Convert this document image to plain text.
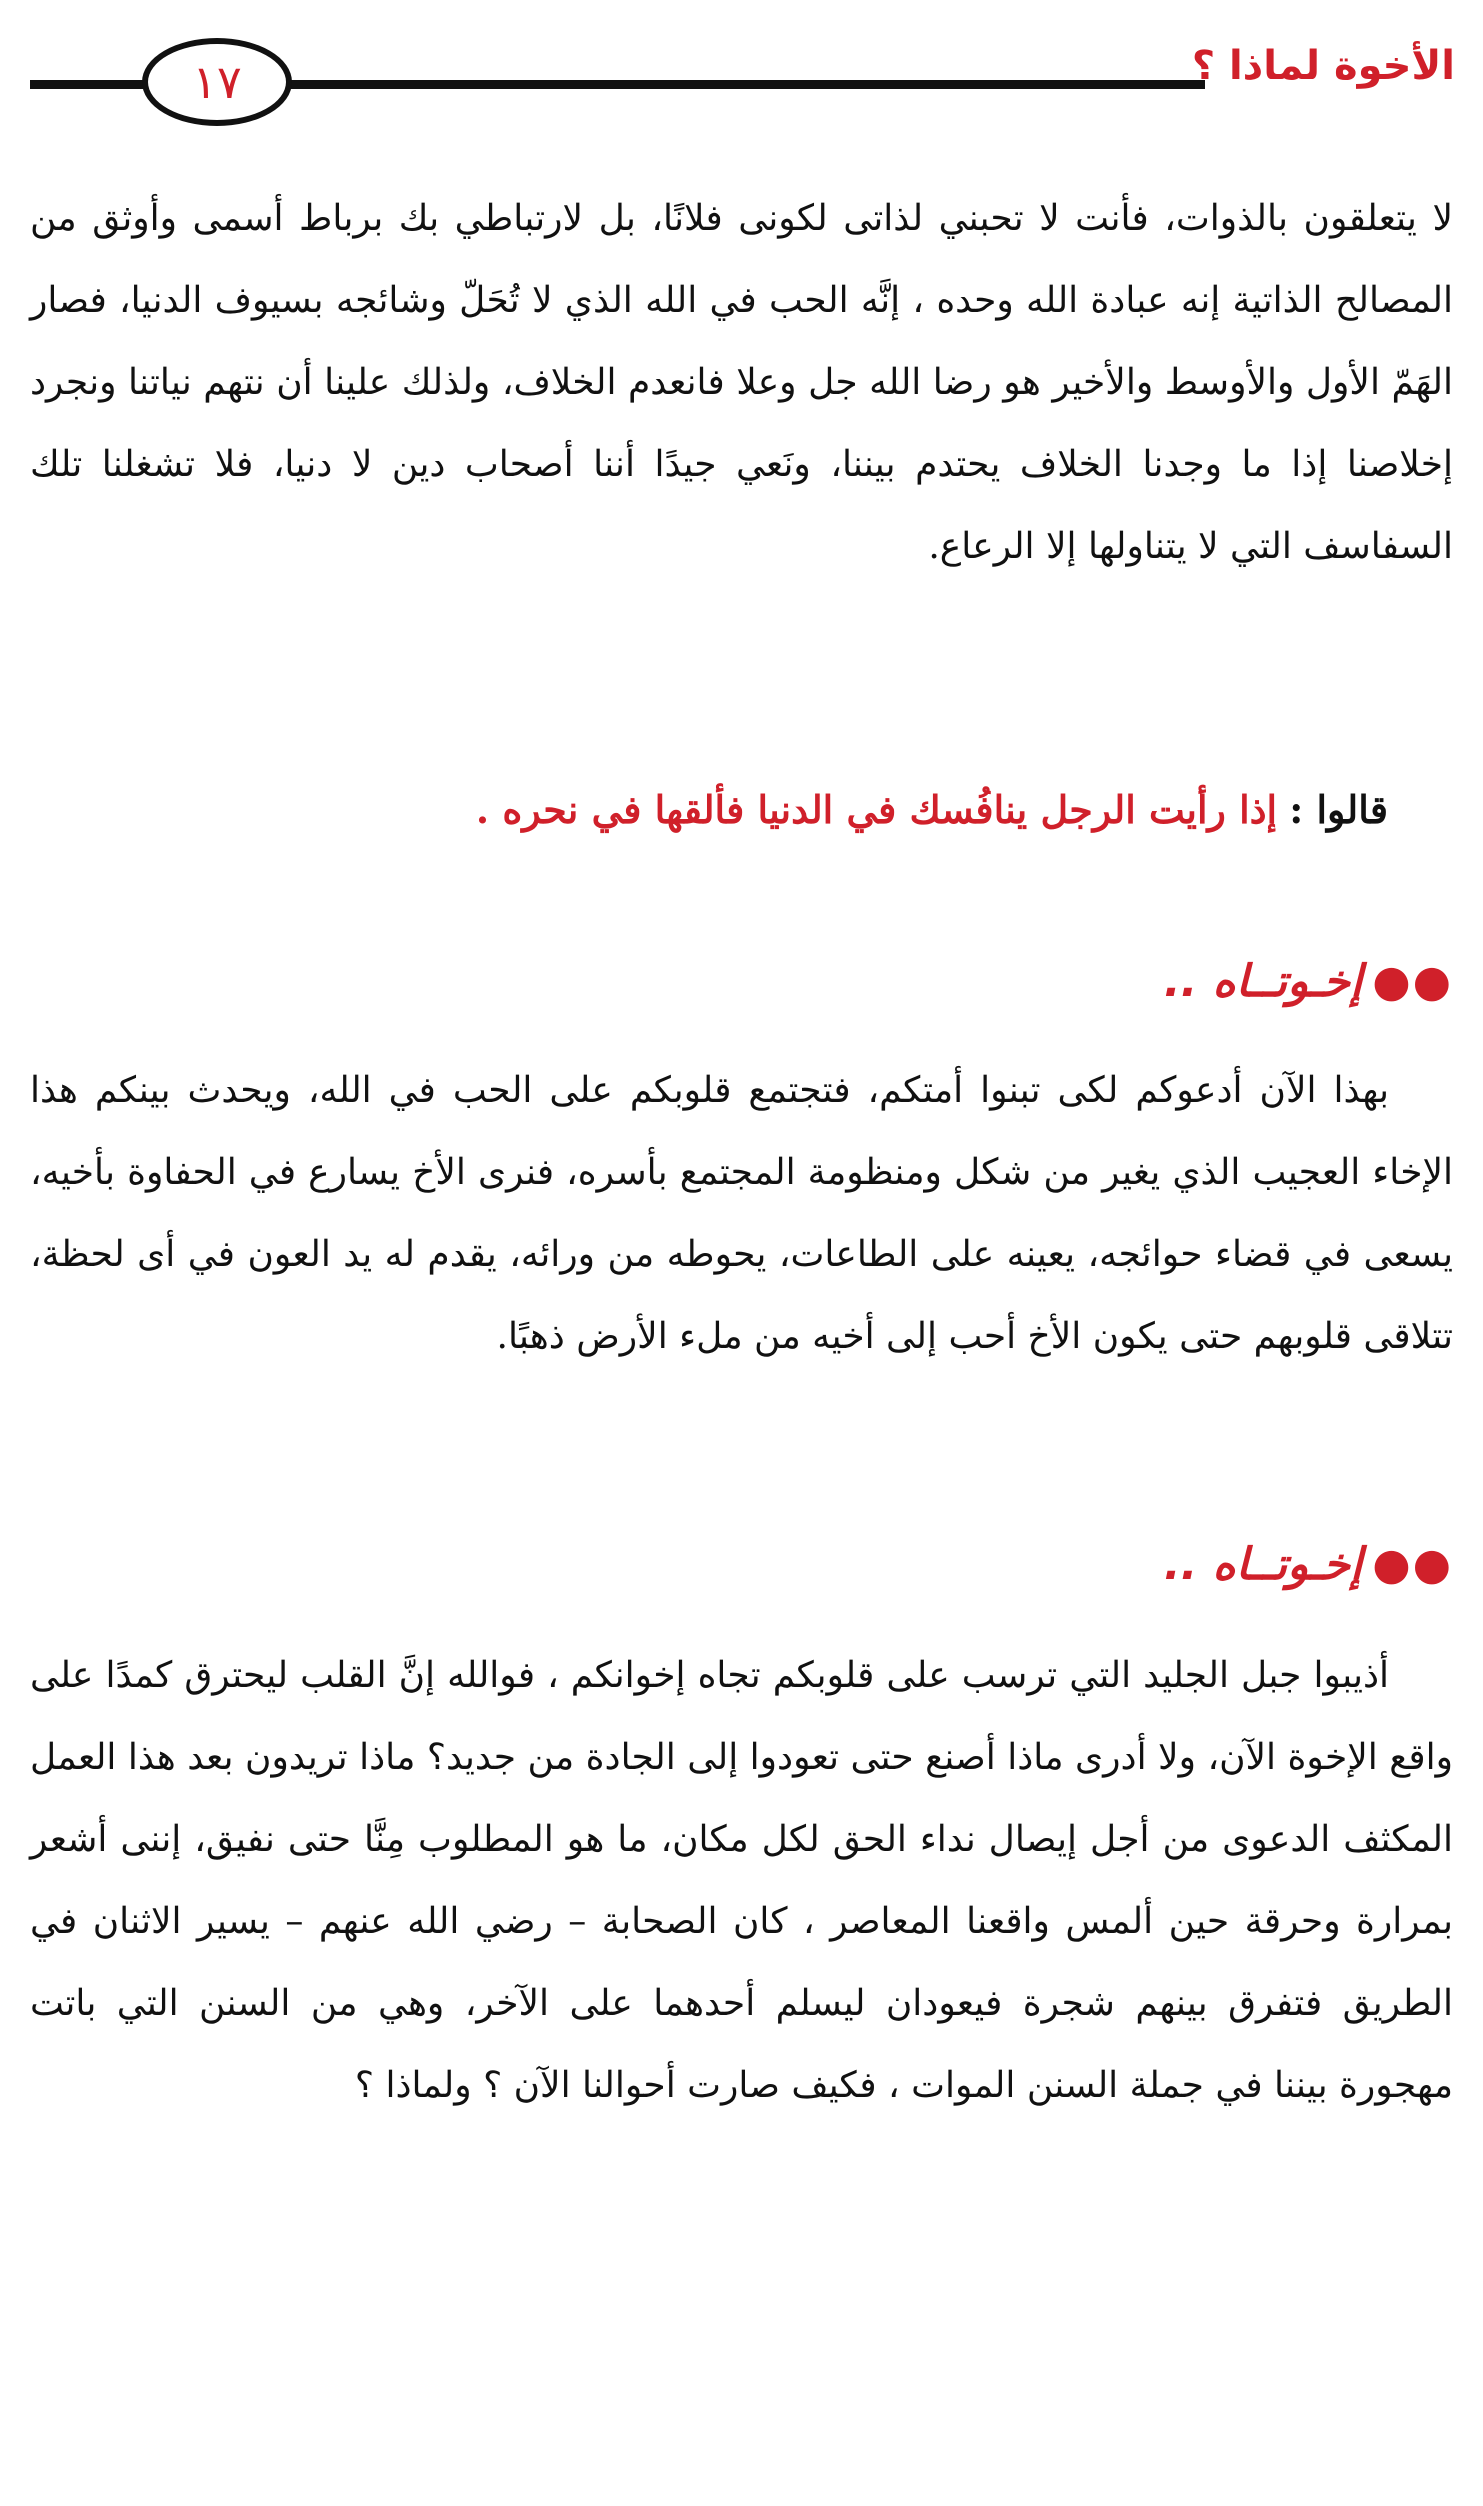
١٧	الأخوة لماذا ؟

لا يتعلقون بالذوات، فأنت لا تحبني لذاتى لكونى فلانًا، بل لارتباطي بك برباط أسمى وأوثق من المصالح الذاتية إنه عبادة الله وحده ، إنَّه الحب في الله الذي لا تُحَلّ وشائجه بسيوف الدنيا، فصار الهَمّ الأول والأوسط والأخير هو رضا الله جل وعلا فانعدم الخلاف، ولذلك علينا أن نتهم نياتنا ونجرد إخلاصنا إذا ما وجدنا الخلاف يحتدم بيننا، ونَعي جيدًا أننا أصحاب دين لا دنيا، فلا تشغلنا تلك السفاسف التي لا يتناولها إلا الرعاع.

قالوا : إذا رأيت الرجل ينافُسك في الدنيا فألقها في نحره .

●●إخـوتــاه ..

بهذا الآن أدعوكم لكى تبنوا أمتكم، فتجتمع قلوبكم على الحب في الله، ويحدث بينكم هذا الإخاء العجيب الذي يغير من شكل ومنظومة المجتمع بأسره، فنرى الأخ يسارع في الحفاوة بأخيه، يسعى في قضاء حوائجه، يعينه على الطاعات، يحوطه من ورائه، يقدم له يد العون في أى لحظة، تتلاقى قلوبهم حتى يكون الأخ أحب إلى أخيه من ملء الأرض ذهبًا.

●●إخـوتــاه ..

أذيبوا جبل الجليد التي ترسب على قلوبكم تجاه إخوانكم ، فوالله إنَّ القلب ليحترق كمدًا على واقع الإخوة الآن، ولا أدرى ماذا أصنع حتى تعودوا إلى الجادة من جديد؟ ماذا تريدون بعد هذا العمل المكثف الدعوى من أجل إيصال نداء الحق لكل مكان، ما هو المطلوب مِنَّا حتى نفيق، إننى أشعر بمرارة وحرقة حين ألمس واقعنا المعاصر ، كان الصحابة – رضي الله عنهم – يسير الاثنان في الطريق فتفرق بينهم شجرة فيعودان ليسلم أحدهما على الآخر، وهي من السنن التي باتت مهجورة بيننا في جملة السنن الموات ، فكيف صارت أحوالنا الآن ؟ ولماذا ؟
